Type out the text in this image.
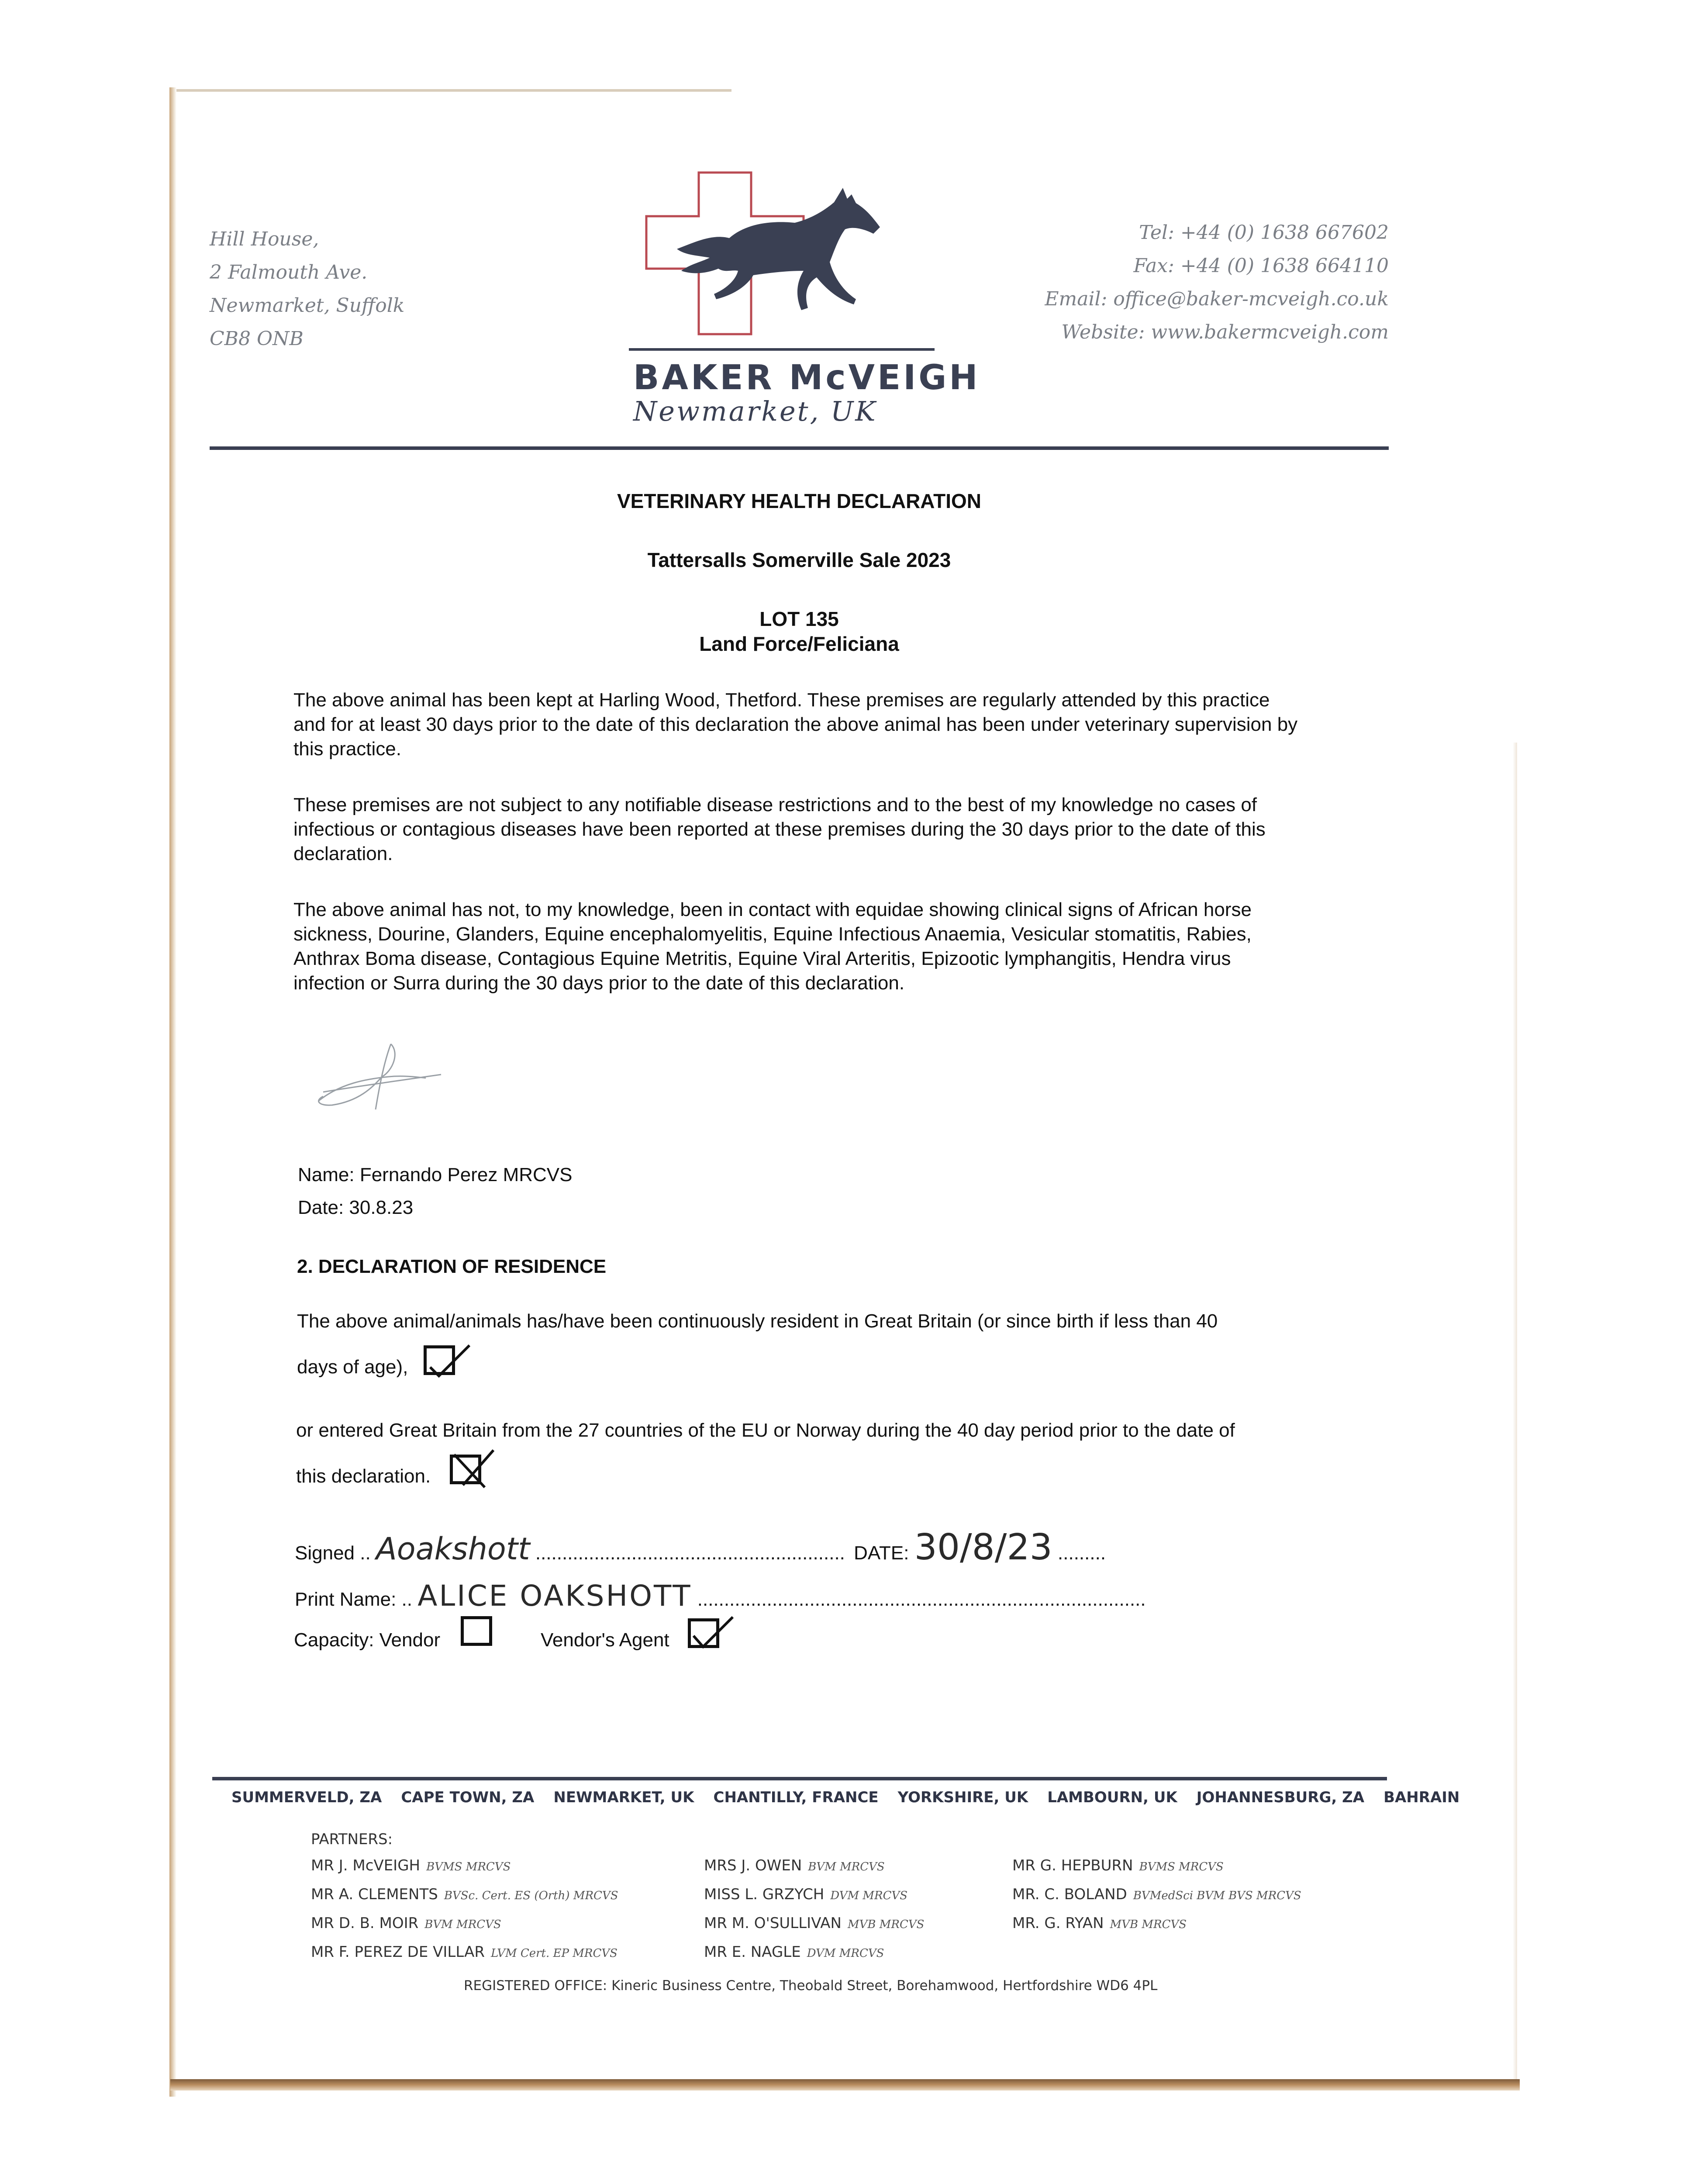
Hill House,
2 Falmouth Ave.
Newmarket, Suffolk
CB8 ONB
Tel: +44 (0) 1638 667602
Fax: +44 (0) 1638 664110
Email: office@baker-mcveigh.co.uk
Website: www.bakermcveigh.com
BAKER McVEIGH
Newmarket, UK
VETERINARY HEALTH DECLARATION
Tattersalls Somerville Sale 2023
LOT 135
Land Force/Feliciana
The above animal has been kept at Harling Wood, Thetford. These premises are regularly attended by this practice and for at least 30 days prior to the date of this declaration the above animal has been under veterinary supervision by this practice.
These premises are not subject to any notifiable disease restrictions and to the best of my knowledge no cases of infectious or contagious diseases have been reported at these premises during the 30 days prior to the date of this declaration.
The above animal has not, to my knowledge, been in contact with equidae showing clinical signs of African horse sickness, Dourine, Glanders, Equine encephalomyelitis, Equine Infectious Anaemia, Vesicular stomatitis, Rabies, Anthrax Boma disease, Contagious Equine Metritis, Equine Viral Arteritis, Epizootic lymphangitis, Hendra virus infection or Surra during the 30 days prior to the date of this declaration.
Name: Fernando Perez MRCVS
Date: 30.8.23
2. DECLARATION OF RESIDENCE
The above animal/animals has/have been continuously resident in Great Britain (or since birth if less than 40
days of age),
or entered Great Britain from the 27 countries of the EU or Norway during the 40 day period prior to the date of
this declaration.
Signed .. Aoakshott .......................................................... DATE: 30/8/23 .........
Print Name: .. ALICE OAKSHOTT ....................................................................................
Capacity: Vendor	Vendor's Agent
SUMMERVELD, ZA CAPE TOWN, ZA NEWMARKET, UK CHANTILLY, FRANCE YORKSHIRE, UK LAMBOURN, UK JOHANNESBURG, ZA BAHRAIN
PARTNERS:
MR J. McVEIGH BVMS MRCVS
MR A. CLEMENTS BVSc. Cert. ES (Orth) MRCVS
MR D. B. MOIR BVM MRCVS
MR F. PEREZ DE VILLAR LVM Cert. EP MRCVS
MRS J. OWEN BVM MRCVS
MISS L. GRZYCH DVM MRCVS
MR M. O'SULLIVAN MVB MRCVS
MR E. NAGLE DVM MRCVS
MR G. HEPBURN BVMS MRCVS
MR. C. BOLAND BVMedSci BVM BVS MRCVS
MR. G. RYAN MVB MRCVS
REGISTERED OFFICE: Kineric Business Centre, Theobald Street, Borehamwood, Hertfordshire WD6 4PL
